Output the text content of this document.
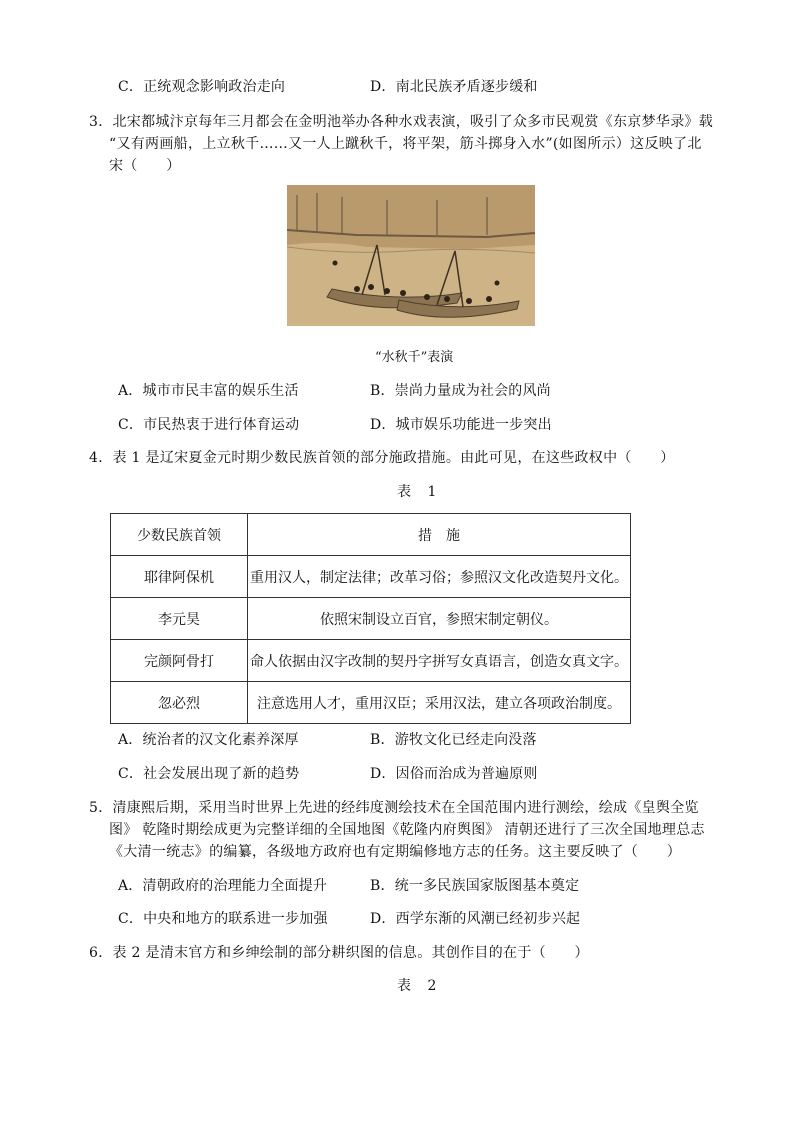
C．正统观念影响政治走向	D．南北民族矛盾逐步缓和
3．北宋都城汴京每年三月都会在金明池举办各种水戏表演，吸引了众多市民观赏《东京梦华录》载
“又有两画船，上立秋千……又一人上蹴秋千，将平架，筋斗掷身入水”(如图所示）这反映了北
宋（　　）
“水秋千”表演
A．城市市民丰富的娱乐生活	B．崇尚力量成为社会的风尚
C．市民热衷于进行体育运动	D．城市娱乐功能进一步突出
4．表 1 是辽宋夏金元时期少数民族首领的部分施政措施。由此可见，在这些政权中（　　）
表 1
少数民族首领	措　施
耶律阿保机	重用汉人，制定法律；改革习俗；参照汉文化改造契丹文化。
李元昊	依照宋制设立百官，参照宋制定朝仪。
完颜阿骨打	命人依据由汉字改制的契丹字拼写女真语言，创造女真文字。
忽必烈	注意选用人才，重用汉臣；采用汉法，建立各项政治制度。
A．统治者的汉文化素养深厚	B．游牧文化已经走向没落
C．社会发展出现了新的趋势	D．因俗而治成为普遍原则
5．清康熙后期，采用当时世界上先进的经纬度测绘技术在全国范围内进行测绘，绘成《皇舆全览
图》 乾隆时期绘成更为完整详细的全国地图《乾隆内府舆图》 清朝还进行了三次全国地理总志
《大清一统志》的编纂，各级地方政府也有定期编修地方志的任务。这主要反映了（　　）
A．清朝政府的治理能力全面提升	B．统一多民族国家版图基本奠定
C．中央和地方的联系进一步加强	D．西学东渐的风潮已经初步兴起
6．表 2 是清末官方和乡绅绘制的部分耕织图的信息。其创作目的在于（　　）
表 2
